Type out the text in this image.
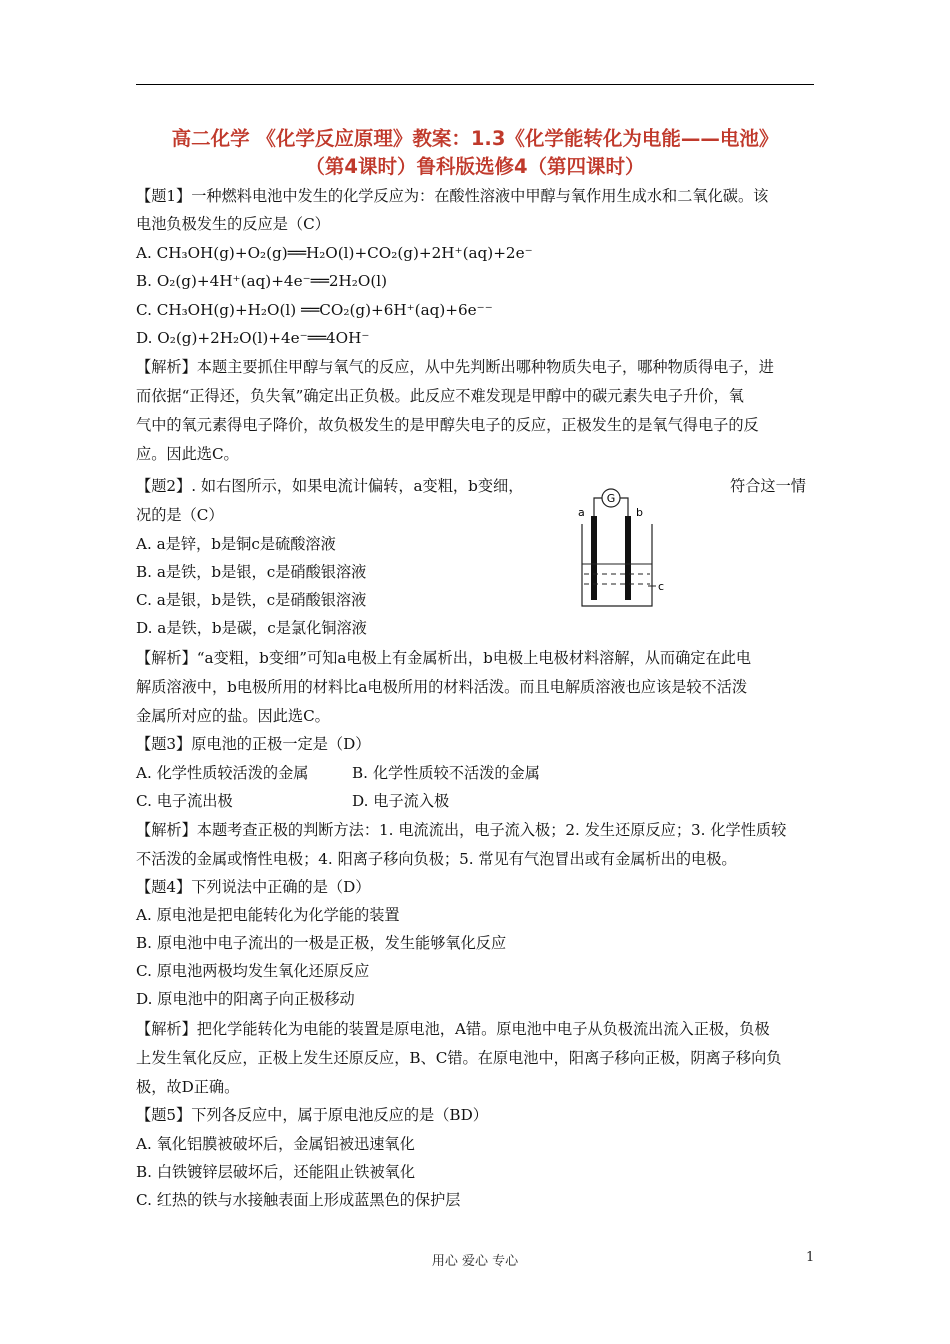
高二化学 《化学反应原理》教案：1.3《化学能转化为电能——电池》
（第4课时）鲁科版选修4（第四课时）
【题1】一种燃料电池中发生的化学反应为：在酸性溶液中甲醇与氧作用生成水和二氧化碳。该
电池负极发生的反应是（C）
A. CH₃OH(g)+O₂(g)══H₂O(l)+CO₂(g)+2H⁺(aq)+2e⁻
B. O₂(g)+4H⁺(aq)+4e⁻══2H₂O(l)
C. CH₃OH(g)+H₂O(l) ══CO₂(g)+6H⁺(aq)+6e⁻⁻
D. O₂(g)+2H₂O(l)+4e⁻══4OH⁻
【解析】本题主要抓住甲醇与氧气的反应，从中先判断出哪种物质失电子，哪种物质得电子，进
而依据“正得还，负失氧”确定出正负极。此反应不难发现是甲醇中的碳元素失电子升价，氧
气中的氧元素得电子降价，故负极发生的是甲醇失电子的反应，正极发生的是氧气得电子的反
应。因此选C。
【题2】. 如右图所示，如果电流计偏转，a变粗，b变细，	符合这一情
况的是（C）
A. a是锌，b是铜c是硫酸溶液
B. a是铁，b是银，c是硝酸银溶液
C. a是银，b是铁，c是硝酸银溶液
D. a是铁，b是碳，c是氯化铜溶液
G
a	b
c
【解析】“a变粗，b变细”可知a电极上有金属析出，b电极上电极材料溶解，从而确定在此电
解质溶液中，b电极所用的材料比a电极所用的材料活泼。而且电解质溶液也应该是较不活泼
金属所对应的盐。因此选C。
【题3】原电池的正极一定是（D）
A. 化学性质较活泼的金属	B. 化学性质较不活泼的金属
C. 电子流出极	D. 电子流入极
【解析】本题考查正极的判断方法：1. 电流流出，电子流入极；2. 发生还原反应；3. 化学性质较
不活泼的金属或惰性电极；4. 阳离子移向负极；5. 常见有气泡冒出或有金属析出的电极。
【题4】下列说法中正确的是（D）
A. 原电池是把电能转化为化学能的装置
B. 原电池中电子流出的一极是正极，发生能够氧化反应
C. 原电池两极均发生氧化还原反应
D. 原电池中的阳离子向正极移动
【解析】把化学能转化为电能的装置是原电池，A错。原电池中电子从负极流出流入正极，负极
上发生氧化反应，正极上发生还原反应，B、C错。在原电池中，阳离子移向正极，阴离子移向负
极，故D正确。
【题5】下列各反应中，属于原电池反应的是（BD）
A. 氧化铝膜被破坏后，金属铝被迅速氧化
B. 白铁镀锌层破坏后，还能阻止铁被氧化
C. 红热的铁与水接触表面上形成蓝黑色的保护层
用心 爱心 专心	1
